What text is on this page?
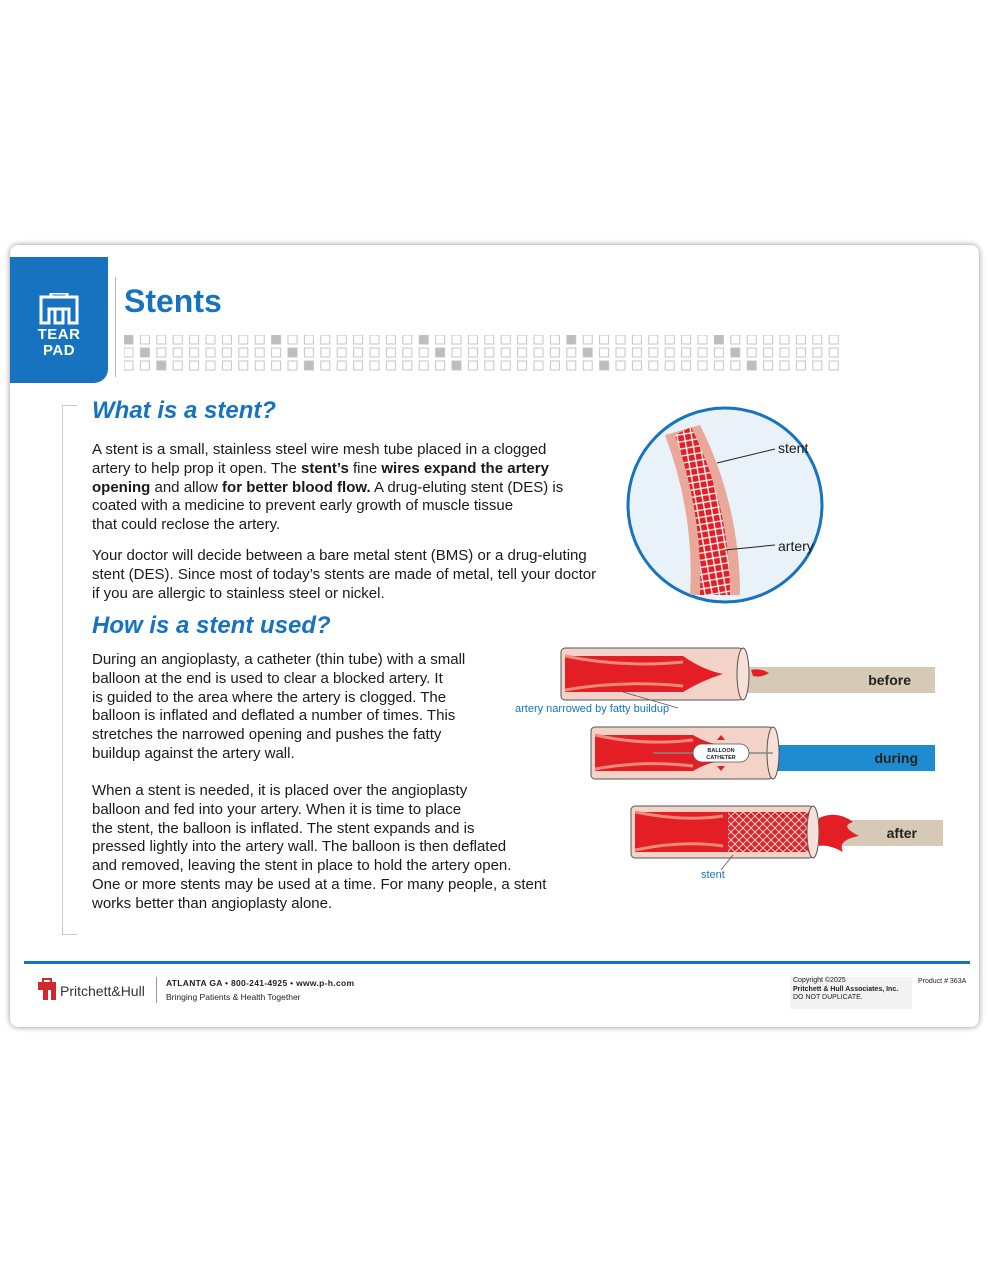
TEAR
PAD
Stents
What is a stent?

A stent is a small, stainless steel wire mesh tube placed in a clogged
artery to help prop it open. The stent’s fine wires expand the artery
opening and allow for better blood flow. A drug-eluting stent (DES) is
coated with a medicine to prevent early growth of muscle tissue
that could reclose the artery.

Your doctor will decide between a bare metal stent (BMS) or a drug-eluting
stent (DES). Since most of today’s stents are made of metal, tell your doctor
if you are allergic to stainless steel or nickel.

stent
artery
How is a stent used?

During an angioplasty, a catheter (thin tube) with a small
balloon at the end is used to clear a blocked artery. It
is guided to the area where the artery is clogged. The
balloon is inflated and deflated a number of times. This
stretches the narrowed opening and pushes the fatty
buildup against the artery wall.

When a stent is needed, it is placed over the angioplasty
balloon and fed into your artery. When it is time to place
the stent, the balloon is inflated. The stent expands and is
pressed lightly into the artery wall. The balloon is then deflated
and removed, leaving the stent in place to hold the artery open.
One or more stents may be used at a time. For many people, a stent
works better than angioplasty alone.

before
artery narrowed by fatty buildup
during
BALLOON
CATHETER
after
stent
Pritchett&Hull ATLANTA GA • 800-241-4925 • www.p-h.com
Bringing Patients & Health Together
Copyright ©2025
Pritchett & Hull Associates, Inc.
DO NOT DUPLICATE.
Product # 363A
